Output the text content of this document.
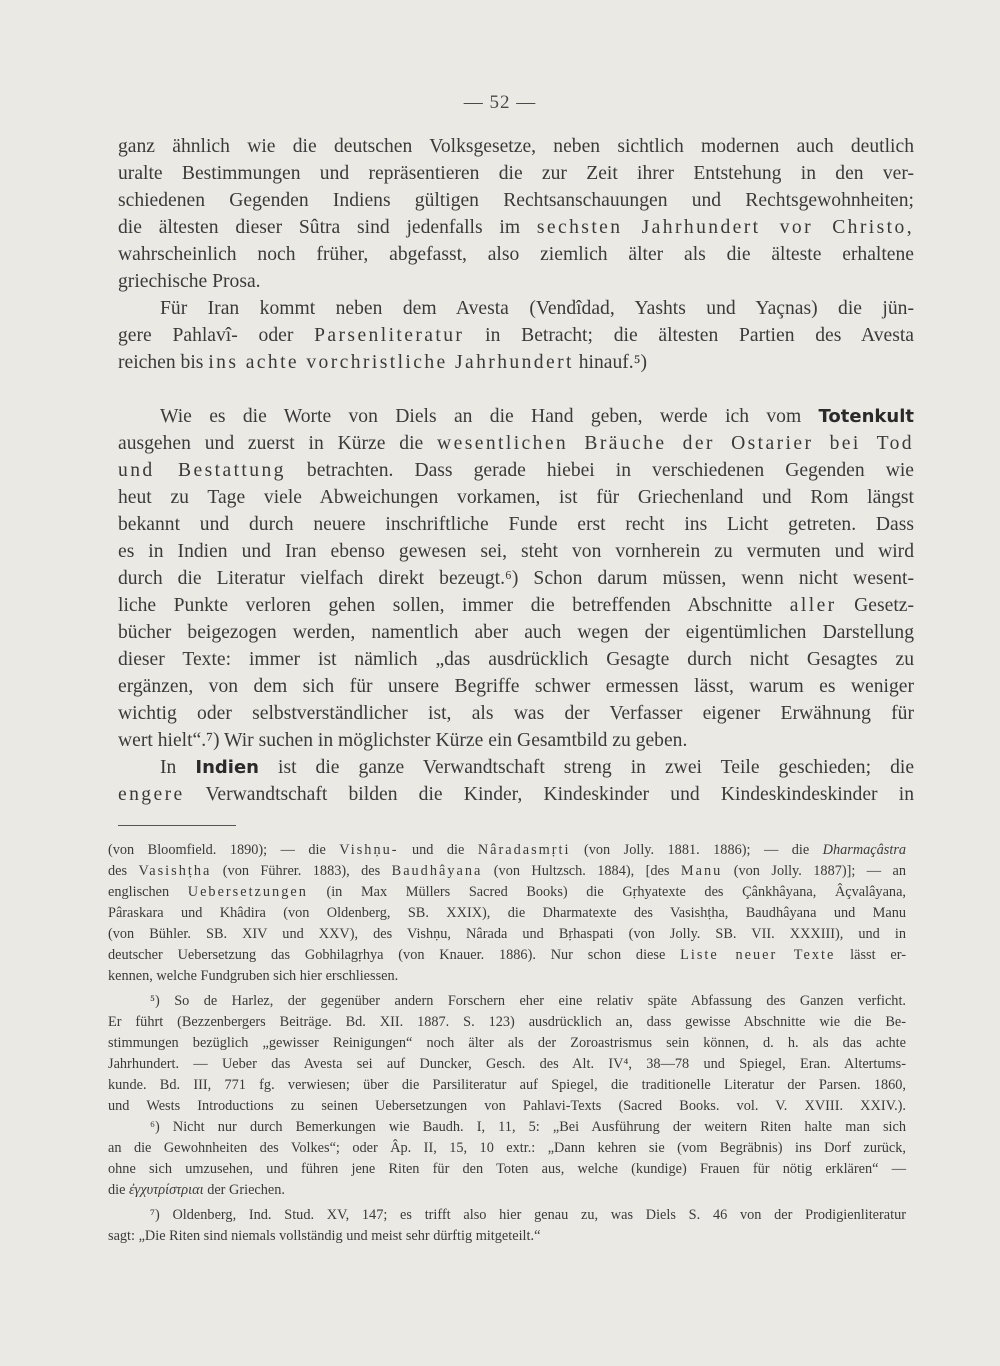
— 52 —
ganz ähnlich wie die deutschen Volksgesetze, neben sichtlich modernen auch deutlich
uralte Bestimmungen und repräsentieren die zur Zeit ihrer Entstehung in den ver-
schiedenen Gegenden Indiens gültigen Rechtsanschauungen und Rechtsgewohnheiten;
die ältesten dieser Sûtra sind jedenfalls im sechsten Jahrhundert vor Christo,
wahrscheinlich noch früher, abgefasst, also ziemlich älter als die älteste erhaltene
griechische Prosa.
Für Iran kommt neben dem Avesta (Vendîdad, Yashts und Yaçnas) die jün-
gere Pahlavî- oder Parsenliteratur in Betracht; die ältesten Partien des Avesta
reichen bis ins achte vorchristliche Jahrhundert hinauf.⁵)
Wie es die Worte von Diels an die Hand geben, werde ich vom Totenkult
ausgehen und zuerst in Kürze die wesentlichen Bräuche der Ostarier bei Tod
und Bestattung betrachten. Dass gerade hiebei in verschiedenen Gegenden wie
heut zu Tage viele Abweichungen vorkamen, ist für Griechenland und Rom längst
bekannt und durch neuere inschriftliche Funde erst recht ins Licht getreten. Dass
es in Indien und Iran ebenso gewesen sei, steht von vornherein zu vermuten und wird
durch die Literatur vielfach direkt bezeugt.⁶) Schon darum müssen, wenn nicht wesent-
liche Punkte verloren gehen sollen, immer die betreffenden Abschnitte aller Gesetz-
bücher beigezogen werden, namentlich aber auch wegen der eigentümlichen Darstellung
dieser Texte: immer ist nämlich „das ausdrücklich Gesagte durch nicht Gesagtes zu
ergänzen, von dem sich für unsere Begriffe schwer ermessen lässt, warum es weniger
wichtig oder selbstverständlicher ist, als was der Verfasser eigener Erwähnung für
wert hielt“.⁷) Wir suchen in möglichster Kürze ein Gesamtbild zu geben.
In Indien ist die ganze Verwandtschaft streng in zwei Teile geschieden; die
engere Verwandtschaft bilden die Kinder, Kindeskinder und Kindeskindeskinder in
(von Bloomfield. 1890); — die Vishṇu- und die Nâradasmṛti (von Jolly. 1881. 1886); — die Dharmaçâstra
des Vasishṭha (von Führer. 1883), des Baudhâyana (von Hultzsch. 1884), [des Manu (von Jolly. 1887)]; — an
englischen Uebersetzungen (in Max Müllers Sacred Books) die Gṛhyatexte des Çânkhâyana, Âçvalâyana,
Pâraskara und Khâdira (von Oldenberg, SB. XXIX), die Dharmatexte des Vasishṭha, Baudhâyana und Manu
(von Bühler. SB. XIV und XXV), des Vishṇu, Nârada und Bṛhaspati (von Jolly. SB. VII. XXXIII), und in
deutscher Uebersetzung das Gobhilagṛhya (von Knauer. 1886). Nur schon diese Liste neuer Texte lässt er-
kennen, welche Fundgruben sich hier erschliessen.
⁵) So de Harlez, der gegenüber andern Forschern eher eine relativ späte Abfassung des Ganzen verficht.
Er führt (Bezzenbergers Beiträge. Bd. XII. 1887. S. 123) ausdrücklich an, dass gewisse Abschnitte wie die Be-
stimmungen bezüglich „gewisser Reinigungen“ noch älter als der Zoroastrismus sein können, d. h. als das achte
Jahrhundert. — Ueber das Avesta sei auf Duncker, Gesch. des Alt. IV⁴, 38—78 und Spiegel, Eran. Altertums-
kunde. Bd. III, 771 fg. verwiesen; über die Parsiliteratur auf Spiegel, die traditionelle Literatur der Parsen. 1860,
und Wests Introductions zu seinen Uebersetzungen von Pahlavi-Texts (Sacred Books. vol. V. XVIII. XXIV.).
⁶) Nicht nur durch Bemerkungen wie Baudh. I, 11, 5: „Bei Ausführung der weitern Riten halte man sich
an die Gewohnheiten des Volkes“; oder Âp. II, 15, 10 extr.: „Dann kehren sie (vom Begräbnis) ins Dorf zurück,
ohne sich umzusehen, und führen jene Riten für den Toten aus, welche (kundige) Frauen für nötig erklären“ —
die ἐγχυτρίστριαι der Griechen.
⁷) Oldenberg, Ind. Stud. XV, 147; es trifft also hier genau zu, was Diels S. 46 von der Prodigienliteratur
sagt: „Die Riten sind niemals vollständig und meist sehr dürftig mitgeteilt.“
